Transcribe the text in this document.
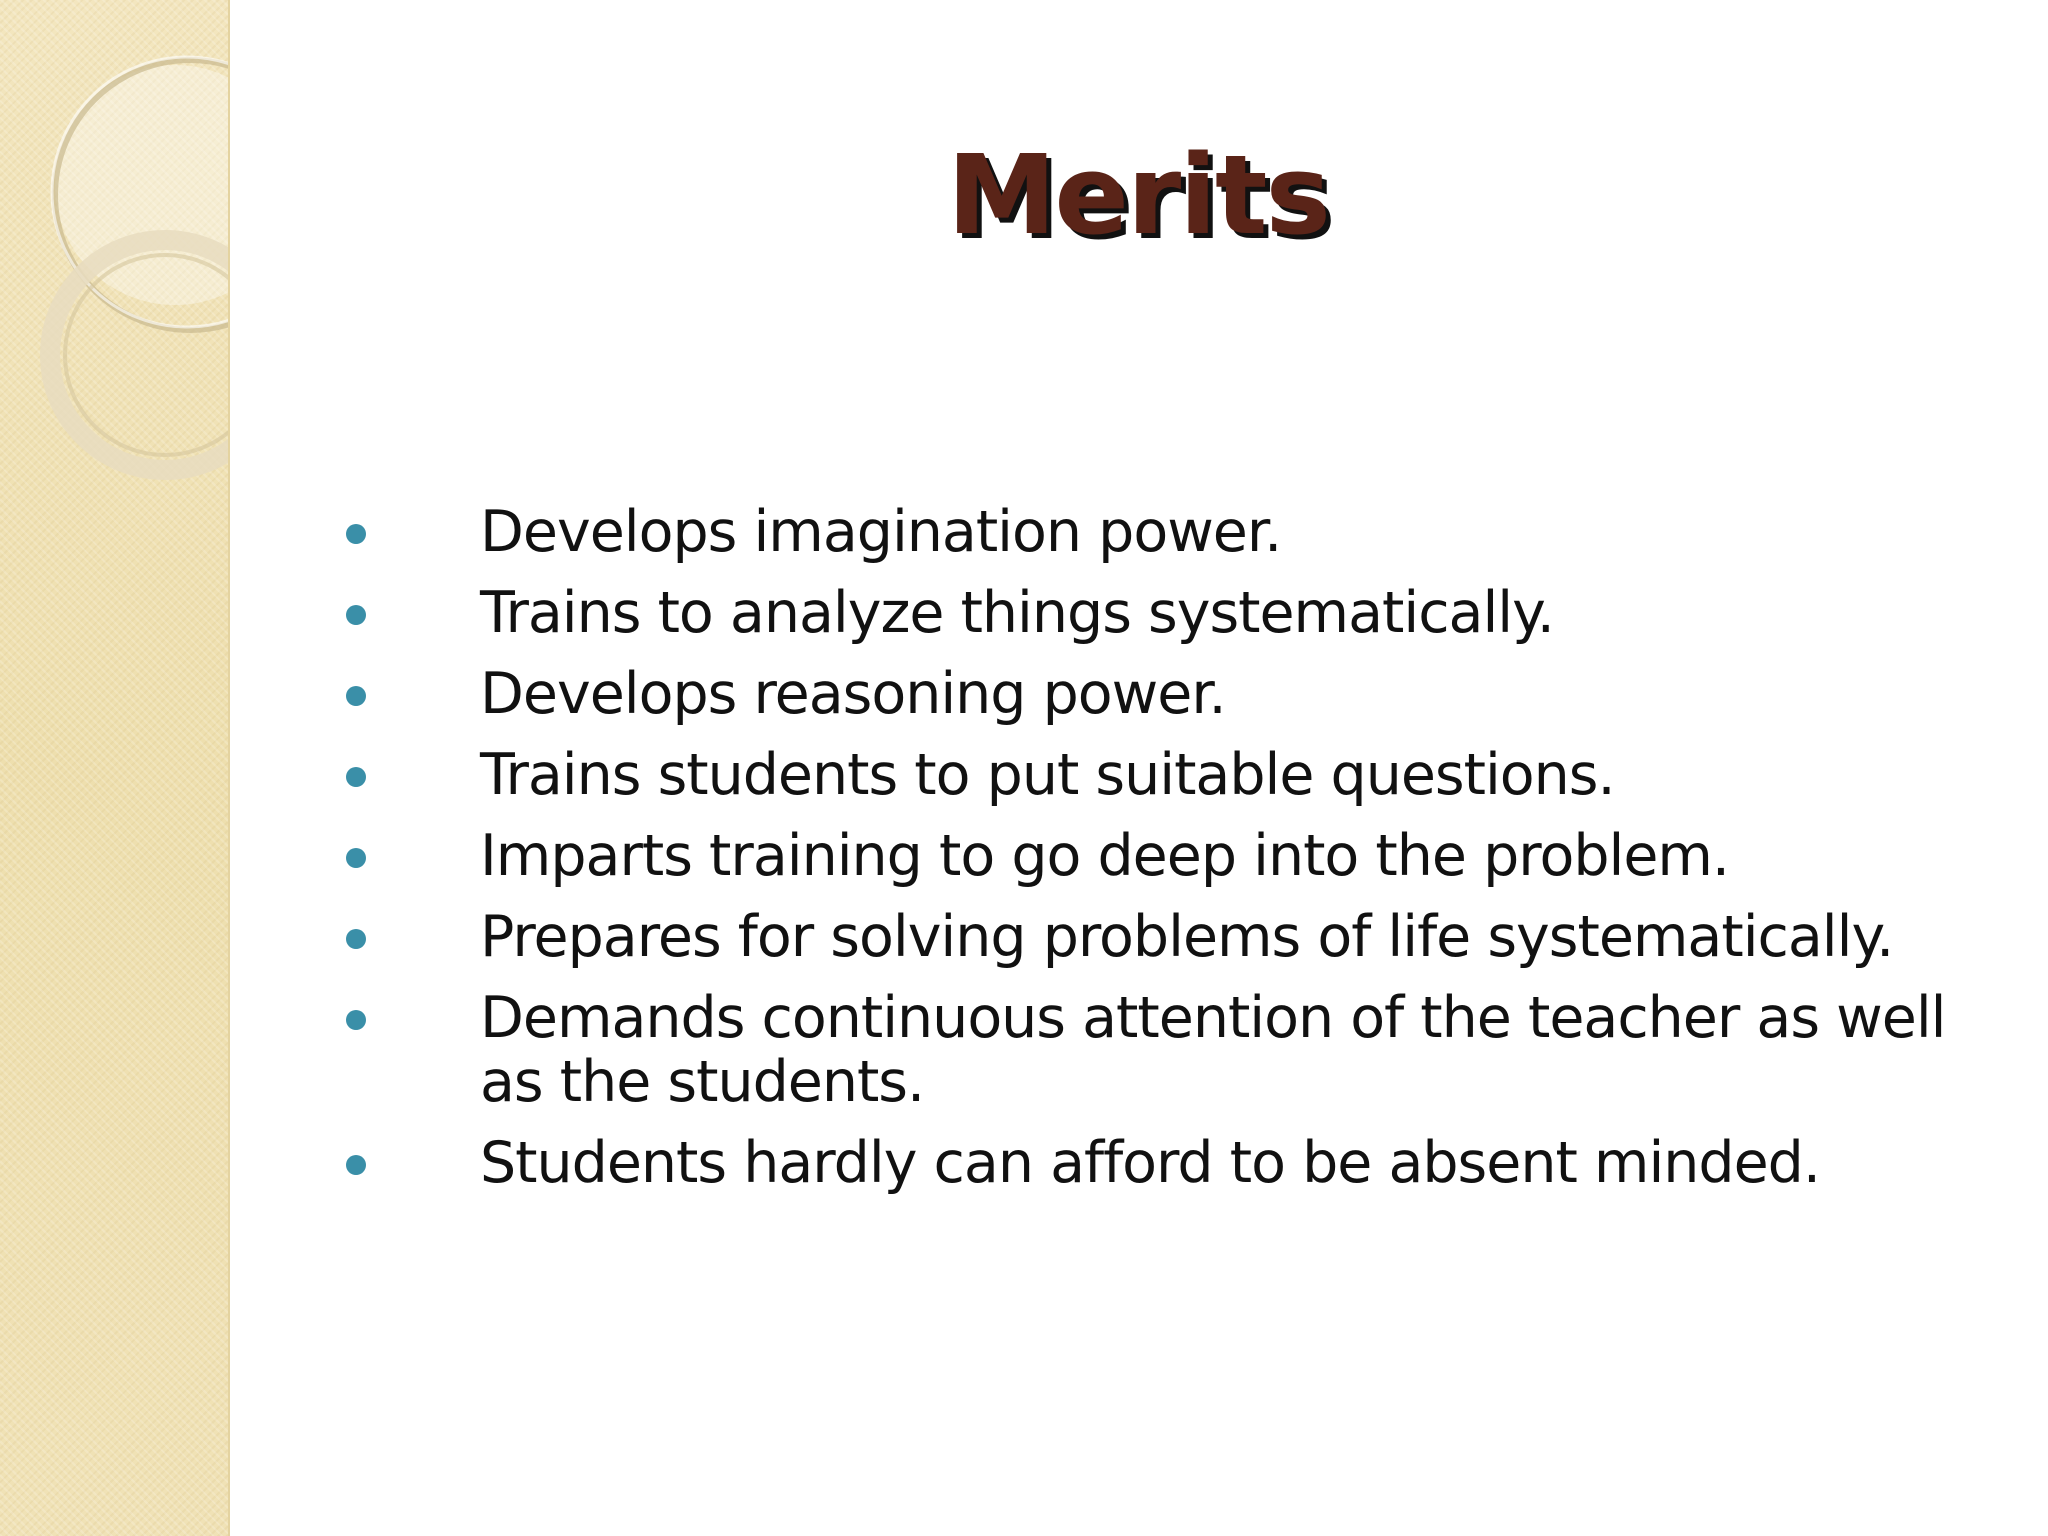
Merits
Develops imagination power.
Trains to analyze things systematically.
Develops reasoning power.
Trains students to put suitable questions.
Imparts training to go deep into the problem.
Prepares for solving problems of life systematically.
Demands continuous attention of the teacher as well as the students.
Students hardly can afford to be absent minded.
